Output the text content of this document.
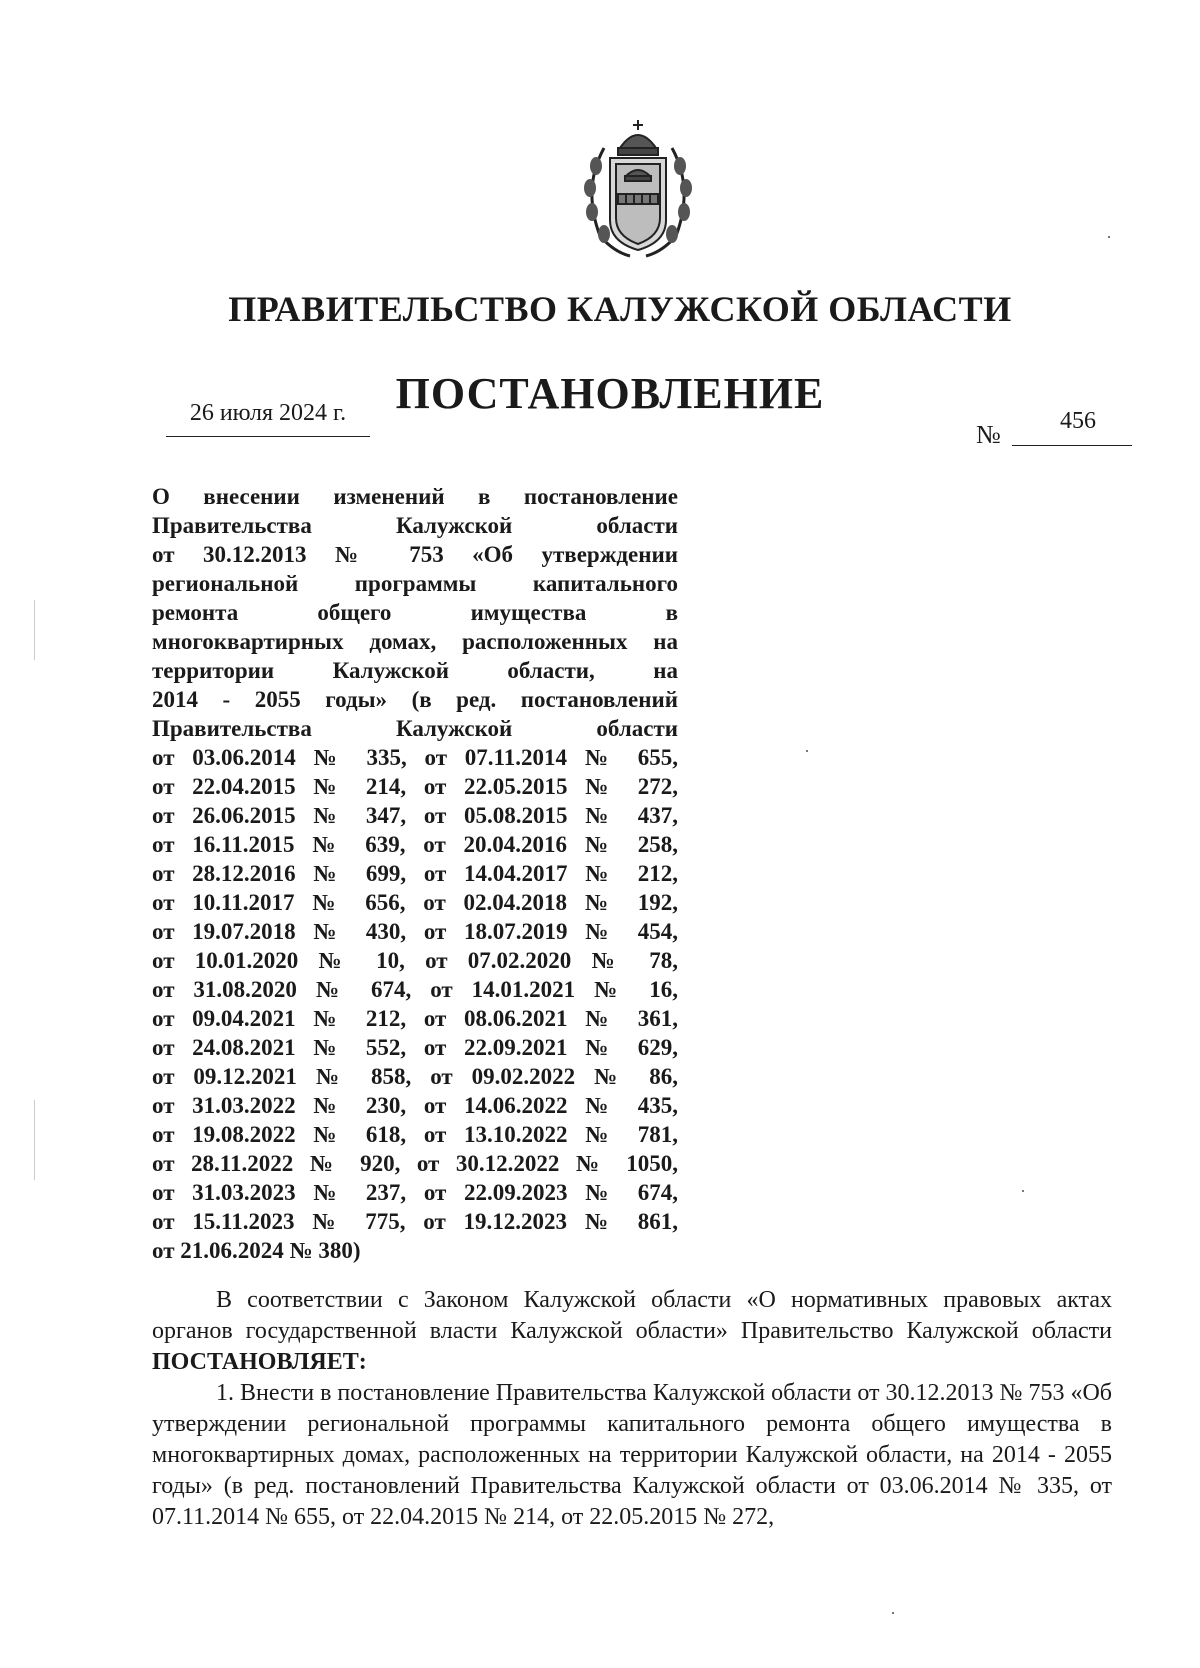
ПРАВИТЕЛЬСТВО КАЛУЖСКОЙ ОБЛАСТИ
ПОСТАНОВЛЕНИЕ
26 июля 2024 г.
№ 456
О внесении изменений в постановление
Правительства Калужской области
от 30.12.2013 № 753 «Об утверждении
региональной программы капитального
ремонта общего имущества в
многоквартирных домах, расположенных на
территории Калужской области, на
2014 - 2055 годы» (в ред. постановлений
Правительства Калужской области
от 03.06.2014 № 335, от 07.11.2014 № 655,
от 22.04.2015 № 214, от 22.05.2015 № 272,
от 26.06.2015 № 347, от 05.08.2015 № 437,
от 16.11.2015 № 639, от 20.04.2016 № 258,
от 28.12.2016 № 699, от 14.04.2017 № 212,
от 10.11.2017 № 656, от 02.04.2018 № 192,
от 19.07.2018 № 430, от 18.07.2019 № 454,
от 10.01.2020 № 10, от 07.02.2020 № 78,
от 31.08.2020 № 674, от 14.01.2021 № 16,
от 09.04.2021 № 212, от 08.06.2021 № 361,
от 24.08.2021 № 552, от 22.09.2021 № 629,
от 09.12.2021 № 858, от 09.02.2022 № 86,
от 31.03.2022 № 230, от 14.06.2022 № 435,
от 19.08.2022 № 618, от 13.10.2022 № 781,
от 28.11.2022 № 920, от 30.12.2022 № 1050,
от 31.03.2023 № 237, от 22.09.2023 № 674,
от 15.11.2023 № 775, от 19.12.2023 № 861,
от 21.06.2024 № 380)

В соответствии с Законом Калужской области «О нормативных правовых актах органов государственной власти Калужской области» Правительство Калужской области ПОСТАНОВЛЯЕТ:

1. Внести в постановление Правительства Калужской области от 30.12.2013 № 753 «Об утверждении региональной программы капитального ремонта общего имущества в многоквартирных домах, расположенных на территории Калужской области, на 2014 - 2055 годы» (в ред. постановлений Правительства Калужской области от 03.06.2014 № 335, от 07.11.2014 № 655, от 22.04.2015 № 214, от 22.05.2015 № 272,
